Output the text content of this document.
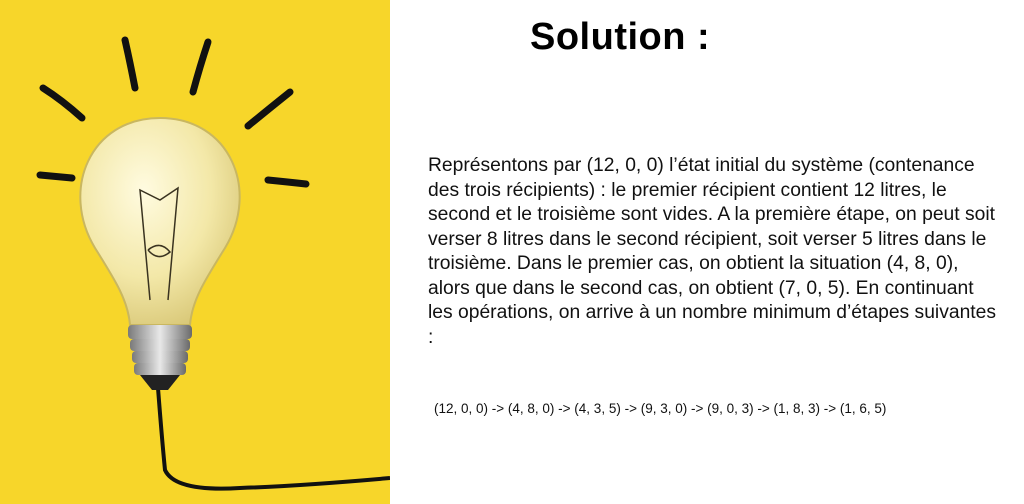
Solution :
Représentons par (12, 0, 0) l’état initial du système (contenance des trois récipients) : le premier récipient contient 12 litres, le second et le troisième sont vides. A la première étape, on peut soit verser 8 litres dans le second récipient, soit verser 5 litres dans le troisième. Dans le premier cas, on obtient la situation (4, 8, 0), alors que dans le second cas, on obtient (7, 0, 5). En continuant les opérations, on arrive à un nombre minimum d’étapes suivantes :
(12, 0, 0) -> (4, 8, 0) -> (4, 3, 5) -> (9, 3, 0) -> (9, 0, 3) -> (1, 8, 3) -> (1, 6, 5)
